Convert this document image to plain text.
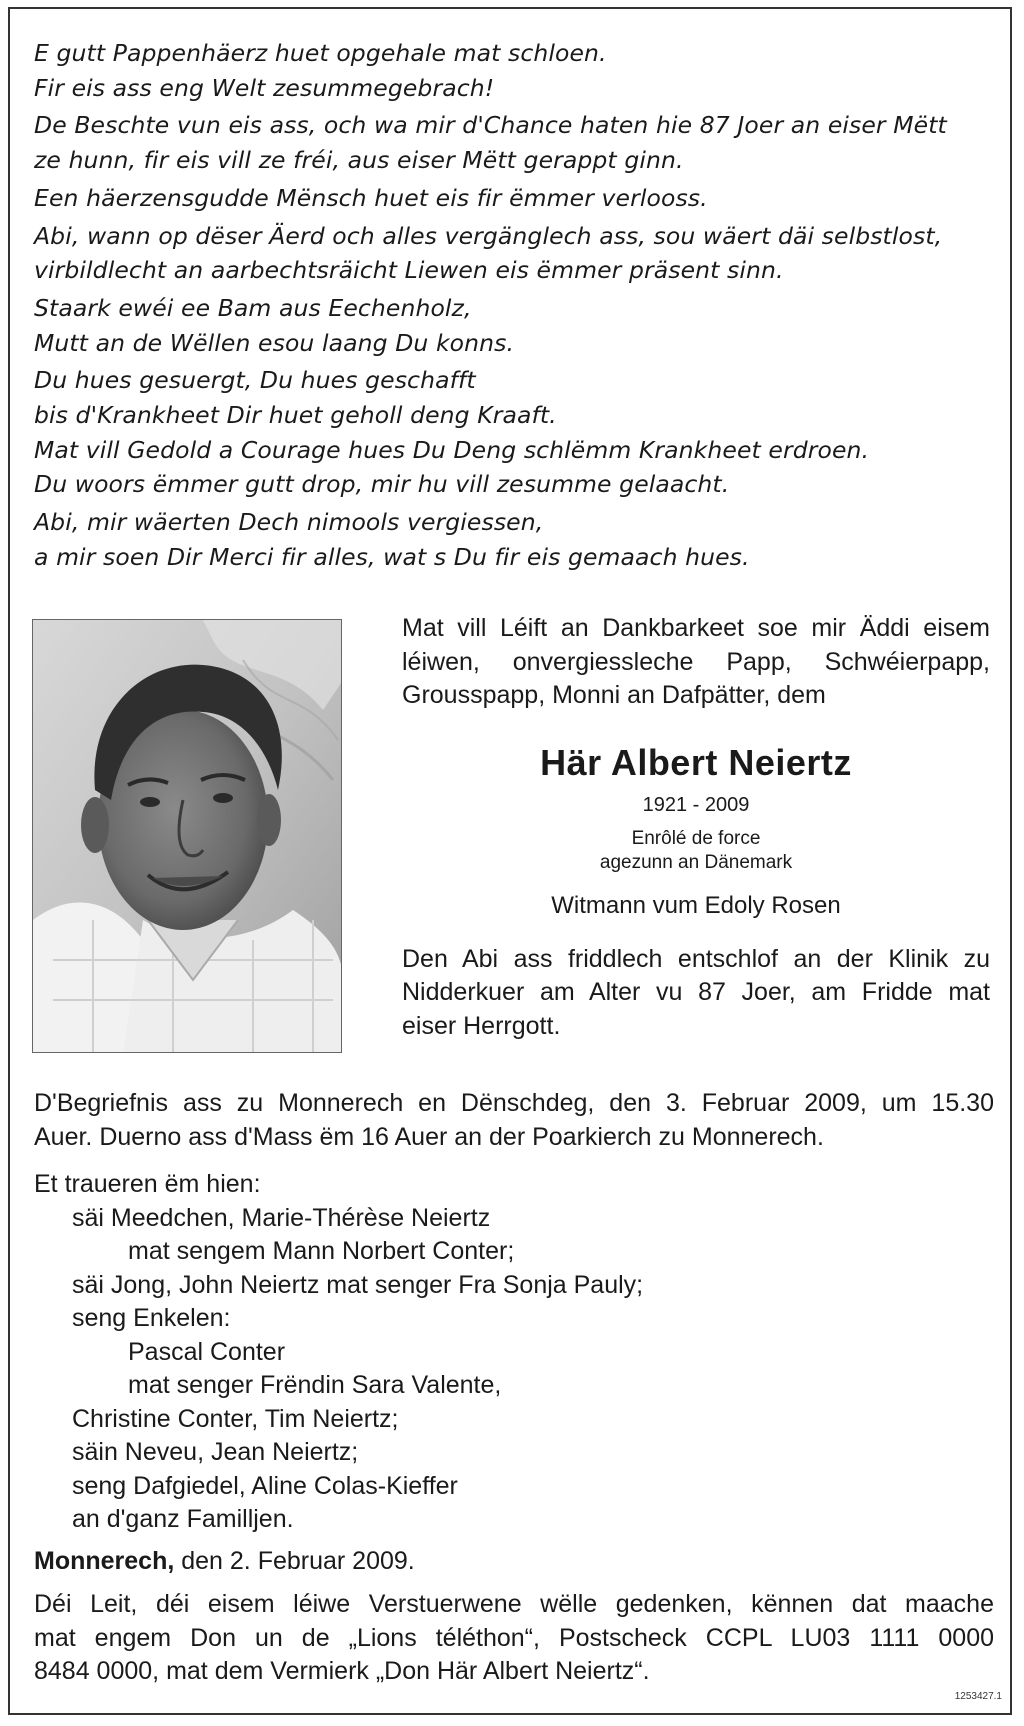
E gutt Pappenhäerz huet opgehale mat schloen.
Fir eis ass eng Welt zesummegebrach!
De Beschte vun eis ass, och wa mir d'Chance haten hie 87 Joer an eiser Mëtt
ze hunn, fir eis vill ze fréi, aus eiser Mëtt gerappt ginn.
Een häerzensgudde Mënsch huet eis fir ëmmer verlooss.
Abi, wann op dëser Äerd och alles vergänglech ass, sou wäert däi selbstlost,
virbildlecht an aarbechtsräicht Liewen eis ëmmer präsent sinn.
Staark ewéi ee Bam aus Eechenholz,
Mutt an de Wëllen esou laang Du konns.
Du hues gesuergt, Du hues geschafft
bis d'Krankheet Dir huet geholl deng Kraaft.
Mat vill Gedold a Courage hues Du Deng schlëmm Krankheet erdroen.
Du woors ëmmer gutt drop, mir hu vill zesumme gelaacht.
Abi, mir wäerten Dech nimools vergiessen,
a mir soen Dir Merci fir alles, wat s Du fir eis gemaach hues.
Mat vill Léift an Dankbarkeet soe mir Äddi eisem
léiwen, onvergiessleche Papp, Schwéierpapp,
Grousspapp, Monni an Dafpätter, dem
Här Albert Neiertz
1921 - 2009
Enrôlé de force
agezunn an Dänemark
Witmann vum Edoly Rosen
Den Abi ass friddlech entschlof an der Klinik zu
Nidderkuer am Alter vu 87 Joer, am Fridde mat
eiser Herrgott.
D'Begriefnis ass zu Monnerech en Dënschdeg, den 3. Februar 2009, um 15.30
Auer. Duerno ass d'Mass ëm 16 Auer an der Poarkierch zu Monnerech.
Et traueren ëm hien:
säi Meedchen, Marie-Thérèse Neiertz
mat sengem Mann Norbert Conter;
säi Jong, John Neiertz mat senger Fra Sonja Pauly;
seng Enkelen:
Pascal Conter
mat senger Frëndin Sara Valente,
Christine Conter, Tim Neiertz;
säin Neveu, Jean Neiertz;
seng Dafgiedel, Aline Colas-Kieffer
an d'ganz Familljen.
Monnerech, den 2. Februar 2009.
Déi Leit, déi eisem léiwe Verstuerwene wëlle gedenken, kënnen dat maache
mat engem Don un de „Lions téléthon“, Postscheck CCPL LU03 1111 0000
8484 0000, mat dem Vermierk „Don Här Albert Neiertz“.
1253427.1
